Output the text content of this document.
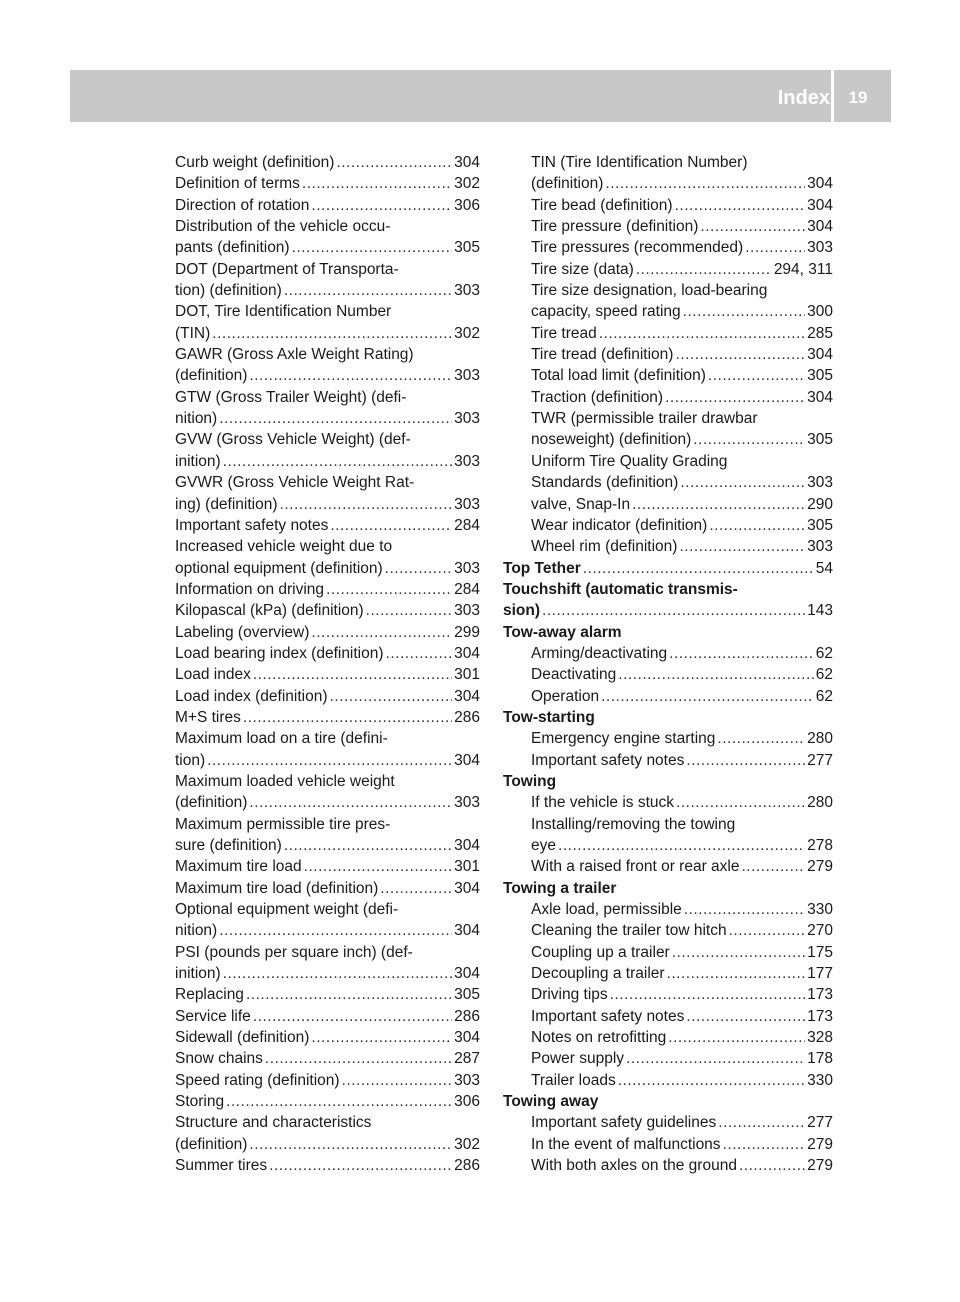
Index	19
Curb weight (definition) . . .	304
Definition of terms . . .	302
Direction of rotation . . .	306
Distribution of the vehicle occu-
pants (definition) . . .	305
DOT (Department of Transporta-
tion) (definition) . . .	303
DOT, Tire Identification Number
(TIN) . . .	302
GAWR (Gross Axle Weight Rating)
(definition) . . .	303
GTW (Gross Trailer Weight) (defi-
nition) . . .	303
GVW (Gross Vehicle Weight) (def-
inition) . . .	303
GVWR (Gross Vehicle Weight Rat-
ing) (definition) . . .	303
Important safety notes . . .	284
Increased vehicle weight due to
optional equipment (definition) . . .	303
Information on driving . . .	284
Kilopascal (kPa) (definition) . . .	303
Labeling (overview) . . .	299
Load bearing index (definition) . . .	304
Load index . . .	301
Load index (definition) . . .	304
M+S tires . . .	286
Maximum load on a tire (defini-
tion) . . .	304
Maximum loaded vehicle weight
(definition) . . .	303
Maximum permissible tire pres-
sure (definition) . . .	304
Maximum tire load . . .	301
Maximum tire load (definition) . . .	304
Optional equipment weight (defi-
nition) . . .	304
PSI (pounds per square inch) (def-
inition) . . .	304
Replacing . . .	305
Service life . . .	286
Sidewall (definition) . . .	304
Snow chains . . .	287
Speed rating (definition) . . .	303
Storing . . .	306
Structure and characteristics
(definition) . . .	302
Summer tires . . .	286
TIN (Tire Identification Number)
(definition) . . .	304
Tire bead (definition) . . .	304
Tire pressure (definition) . . .	304
Tire pressures (recommended) . . .	303
Tire size (data) . . .	294, 311
Tire size designation, load-bearing
capacity, speed rating . . .	300
Tire tread . . .	285
Tire tread (definition) . . .	304
Total load limit (definition) . . .	305
Traction (definition) . . .	304
TWR (permissible trailer drawbar
noseweight) (definition) . . .	305
Uniform Tire Quality Grading
Standards (definition) . . .	303
valve, Snap-In . . .	290
Wear indicator (definition) . . .	305
Wheel rim (definition) . . .	303
Top Tether . . .	54
Touchshift (automatic transmis-
sion) . . .	143
Tow-away alarm
Arming/deactivating . . .	62
Deactivating . . .	62
Operation . . .	62
Tow-starting
Emergency engine starting . . .	280
Important safety notes . . .	277
Towing
If the vehicle is stuck . . .	280
Installing/removing the towing
eye . . .	278
With a raised front or rear axle . . .	279
Towing a trailer
Axle load, permissible . . .	330
Cleaning the trailer tow hitch . . .	270
Coupling up a trailer . . .	175
Decoupling a trailer . . .	177
Driving tips . . .	173
Important safety notes . . .	173
Notes on retrofitting . . .	328
Power supply . . .	178
Trailer loads . . .	330
Towing away
Important safety guidelines . . .	277
In the event of malfunctions . . .	279
With both axles on the ground . . .	279
